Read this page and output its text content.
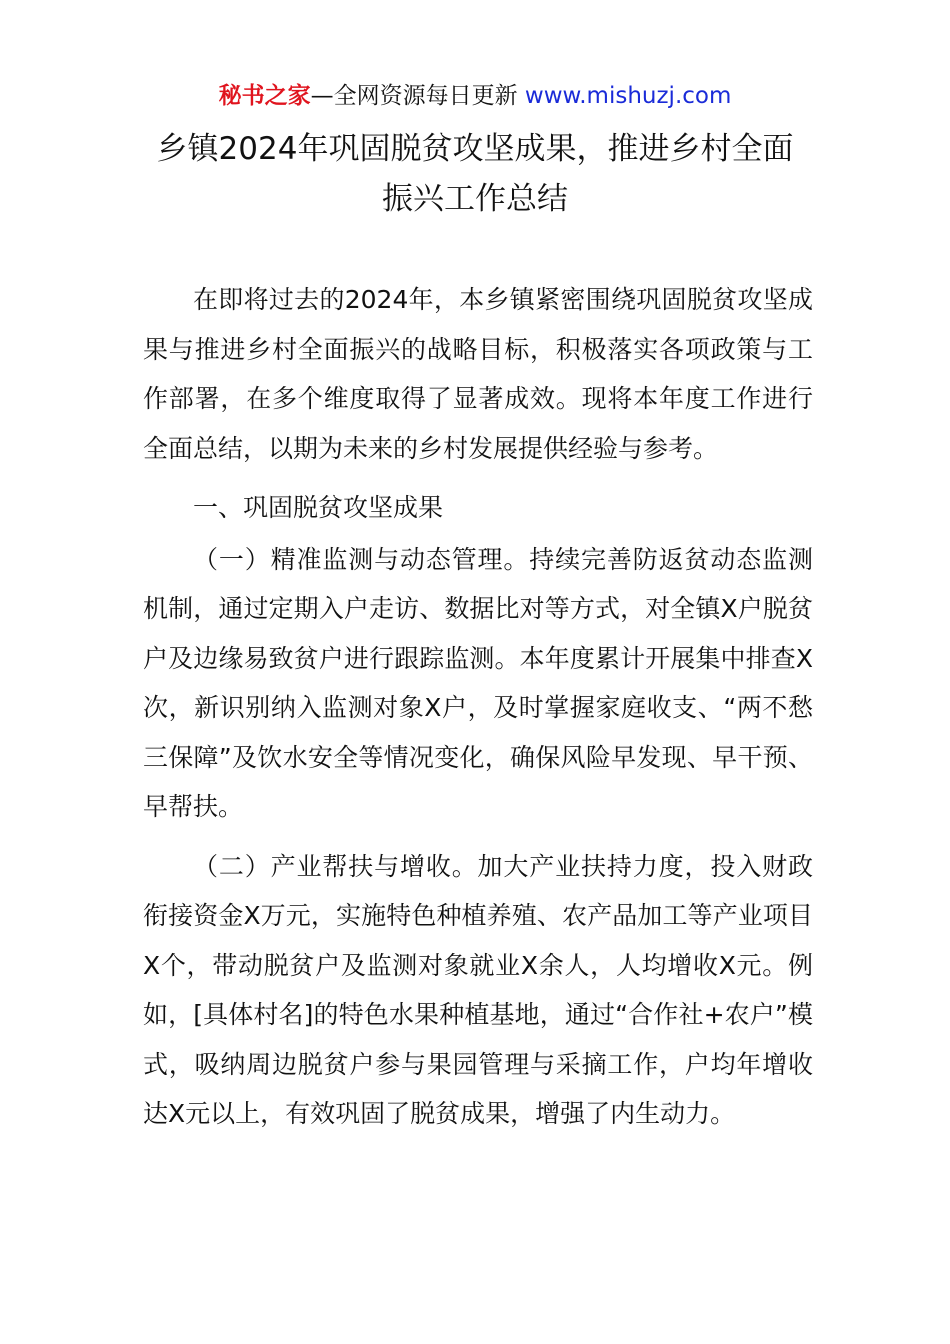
秘书之家—全网资源每日更新 www.mishuzj.com
乡镇2024年巩固脱贫攻坚成果，推进乡村全面
振兴工作总结

在即将过去的2024年，本乡镇紧密围绕巩固脱贫攻坚成果与推进乡村全面振兴的战略目标，积极落实各项政策与工作部署，在多个维度取得了显著成效。现将本年度工作进行全面总结，以期为未来的乡村发展提供经验与参考。

一、巩固脱贫攻坚成果

（一）精准监测与动态管理。持续完善防返贫动态监测机制，通过定期入户走访、数据比对等方式，对全镇X户脱贫户及边缘易致贫户进行跟踪监测。本年度累计开展集中排查X次，新识别纳入监测对象X户，及时掌握家庭收支、“两不愁三保障”及饮水安全等情况变化，确保风险早发现、早干预、早帮扶。

（二）产业帮扶与增收。加大产业扶持力度，投入财政衔接资金X万元，实施特色种植养殖、农产品加工等产业项目X个，带动脱贫户及监测对象就业X余人，人均增收X元。例如，[具体村名]的特色水果种植基地，通过“合作社+农户”模式，吸纳周边脱贫户参与果园管理与采摘工作，户均年增收达X元以上，有效巩固了脱贫成果，增强了内生动力。
